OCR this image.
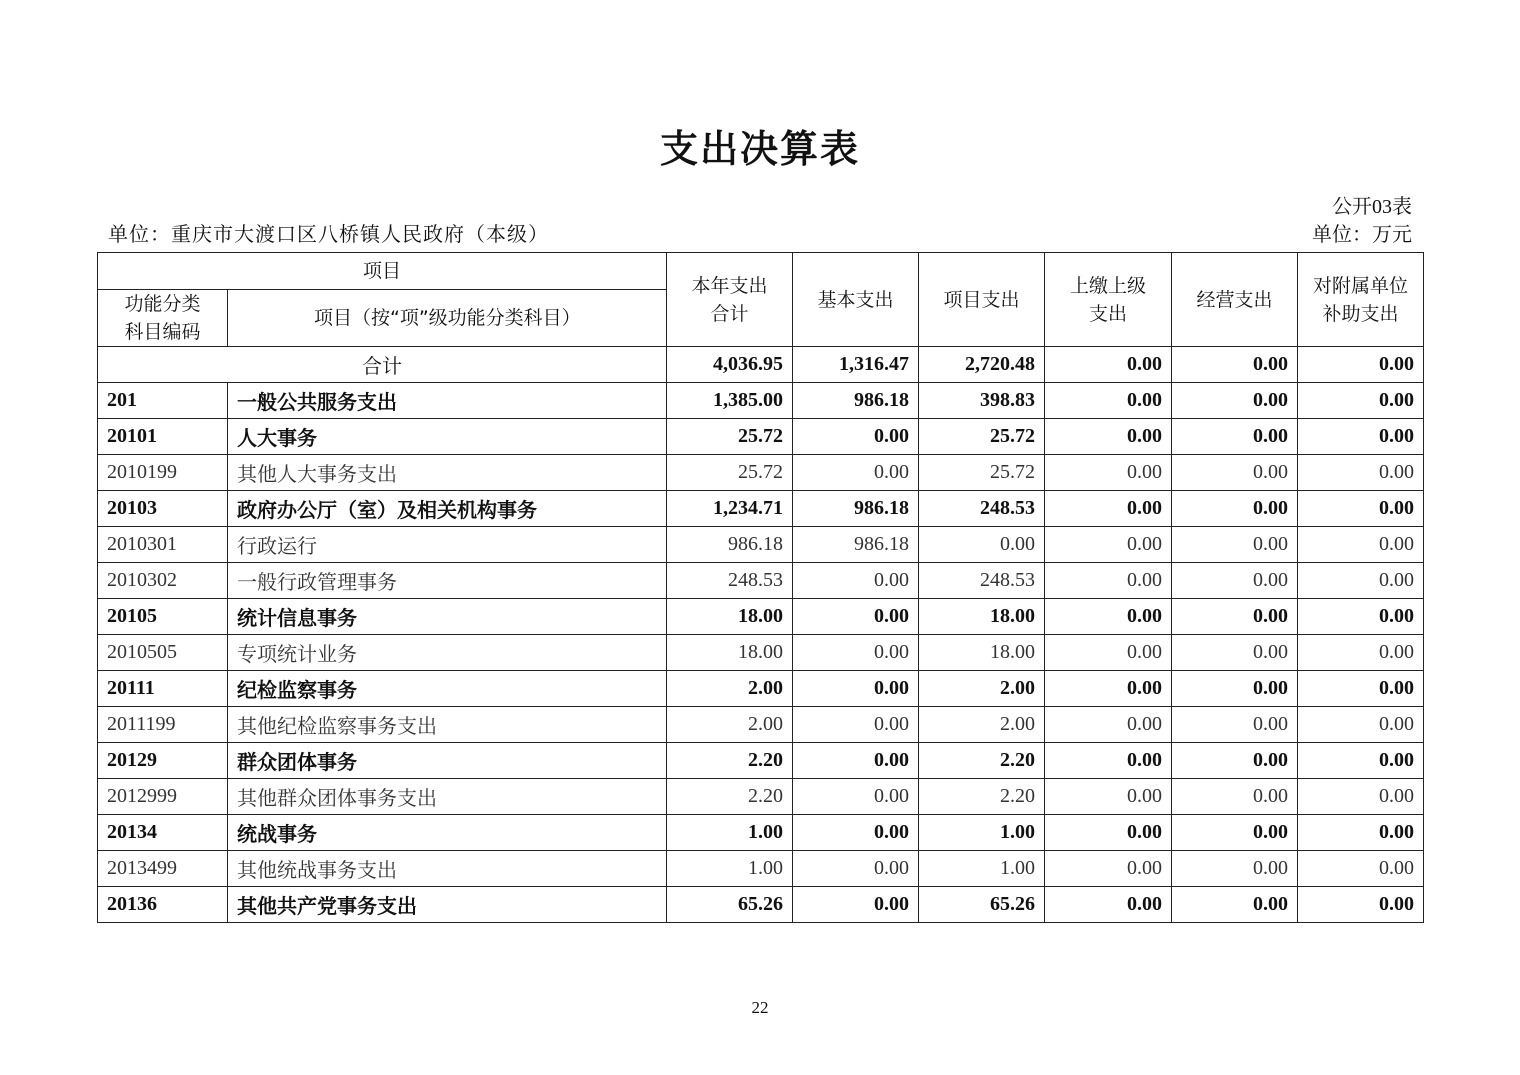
支出决算表
公开03表
单位：重庆市大渡口区八桥镇人民政府（本级）	单位：万元
项目		本年支出合计	基本支出	项目支出	上缴上级支出	经营支出	对附属单位补助支出

功能分类科目编码	项目（按“项”级功能分类科目）						

合计		4,036.95	1,316.47	2,720.48	0.00	0.00	0.00
201	一般公共服务支出	1,385.00	986.18	398.83	0.00	0.00	0.00
20101	人大事务	25.72	0.00	25.72	0.00	0.00	0.00
2010199	其他人大事务支出	25.72	0.00	25.72	0.00	0.00	0.00
20103	政府办公厅（室）及相关机构事务	1,234.71	986.18	248.53	0.00	0.00	0.00
2010301	行政运行	986.18	986.18	0.00	0.00	0.00	0.00
2010302	一般行政管理事务	248.53	0.00	248.53	0.00	0.00	0.00
20105	统计信息事务	18.00	0.00	18.00	0.00	0.00	0.00
2010505	专项统计业务	18.00	0.00	18.00	0.00	0.00	0.00
20111	纪检监察事务	2.00	0.00	2.00	0.00	0.00	0.00
2011199	其他纪检监察事务支出	2.00	0.00	2.00	0.00	0.00	0.00
20129	群众团体事务	2.20	0.00	2.20	0.00	0.00	0.00
2012999	其他群众团体事务支出	2.20	0.00	2.20	0.00	0.00	0.00
20134	统战事务	1.00	0.00	1.00	0.00	0.00	0.00
2013499	其他统战事务支出	1.00	0.00	1.00	0.00	0.00	0.00
20136	其他共产党事务支出	65.26	0.00	65.26	0.00	0.00	0.00
22
